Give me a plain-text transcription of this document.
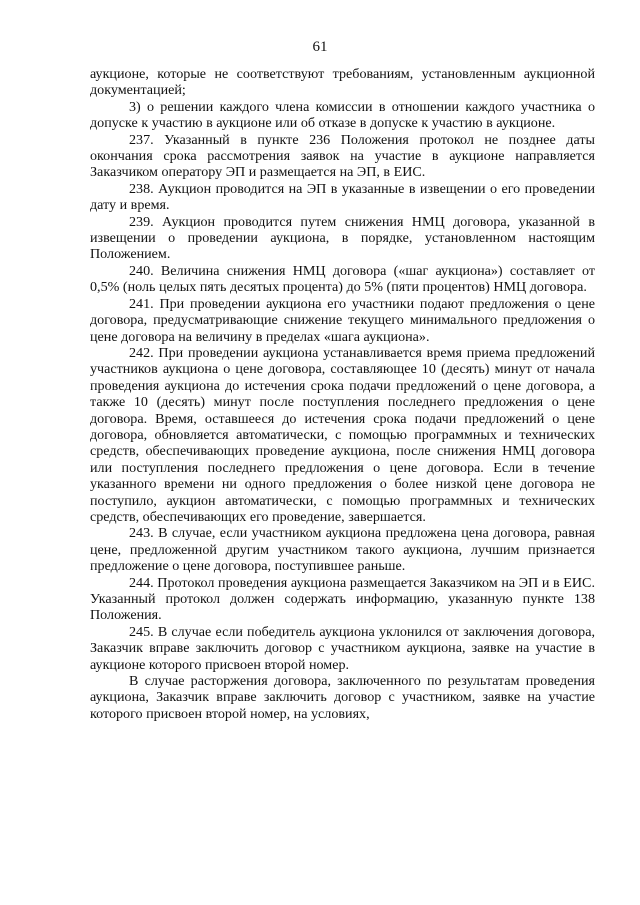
61

аукционе, которые не соответствуют требованиям, установленным аукционной документацией;

3) о решении каждого члена комиссии в отношении каждого участника о допуске к участию в аукционе или об отказе в допуске к участию в аукционе.

237. Указанный в пункте 236 Положения протокол не позднее даты окончания срока рассмотрения заявок на участие в аукционе направляется Заказчиком оператору ЭП и размещается на ЭП, в ЕИС.

238. Аукцион проводится на ЭП в указанные в извещении о его проведении дату и время.

239. Аукцион проводится путем снижения НМЦ договора, указанной в извещении о проведении аукциона, в порядке, установленном настоящим Положением.

240. Величина снижения НМЦ договора («шаг аукциона») составляет от 0,5% (ноль целых пять десятых процента) до 5% (пяти процентов) НМЦ договора.

241. При проведении аукциона его участники подают предложения о цене договора, предусматривающие снижение текущего минимального предложения о цене договора на величину в пределах «шага аукциона».

242. При проведении аукциона устанавливается время приема предложений участников аукциона о цене договора, составляющее 10 (десять) минут от начала проведения аукциона до истечения срока подачи предложений о цене договора, а также 10 (десять) минут после поступления последнего предложения о цене договора. Время, оставшееся до истечения срока подачи предложений о цене договора, обновляется автоматически, с помощью программных и технических средств, обеспечивающих проведение аукциона, после снижения НМЦ договора или поступления последнего предложения о цене договора. Если в течение указанного времени ни одного предложения о более низкой цене договора не поступило, аукцион автоматически, с помощью программных и технических средств, обеспечивающих его проведение, завершается.

243. В случае, если участником аукциона предложена цена договора, равная цене, предложенной другим участником такого аукциона, лучшим признается предложение о цене договора, поступившее раньше.

244. Протокол проведения аукциона размещается Заказчиком на ЭП и в ЕИС. Указанный протокол должен содержать информацию, указанную пункте 138 Положения.

245. В случае если победитель аукциона уклонился от заключения договора, Заказчик вправе заключить договор с участником аукциона, заявке на участие в аукционе которого присвоен второй номер.

В случае расторжения договора, заключенного по результатам проведения аукциона, Заказчик вправе заключить договор с участником, заявке на участие которого присвоен второй номер, на условиях,
